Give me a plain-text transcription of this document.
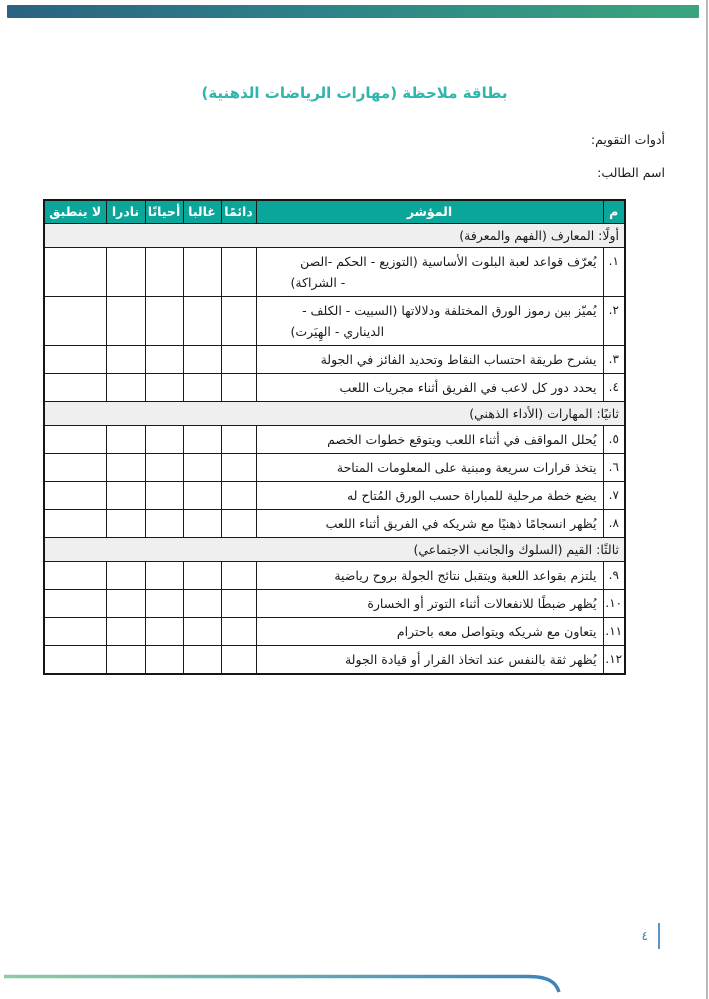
بطاقة ملاحظة (مهارات الرياضات الذهنية)
أدوات التقويم:
اسم الطالب:
م	المؤشر	دائمًا	غالبا	أحيانًا	نادرا	لا ينطبق
أولًا: المعارف (الفهم والمعرفة)						
١.	يُعرّف قواعد لعبة البلوت الأساسية (التوزيع - الحكم -الصن
- الشراكة)					

٢.	يُميّز بين رموز الورق المختلفة ودلالاتها (السبيت - الكلف -
الديناري - الهِيَرت)					

٣.	يشرح طريقة احتساب النقاط وتحديد الفائز في الجولة					
٤.	يحدد دور كل لاعب في الفريق أثناء مجريات اللعب					
ثانيًا: المهارات (الأداء الذهني)						
٥.	يُحلل المواقف في أثناء اللعب ويتوقع خطوات الخصم					
٦.	يتخذ قرارات سريعة ومبنية على المعلومات المتاحة					
٧.	يضع خطة مرحلية للمباراة حسب الورق المُتاح له					
٨.	يُظهر انسجامًا ذهنيًا مع شريكه في الفريق أثناء اللعب					
ثالثًا: القيم (السلوك والجانب الاجتماعي)						
٩.	يلتزم بقواعد اللعبة ويتقبل نتائج الجولة بروح رياضية					
١٠.	يُظهر ضبطًا للانفعالات أثناء التوتر أو الخسارة					
١١.	يتعاون مع شريكه ويتواصل معه باحترام					
١٢.	يُظهر ثقة بالنفس عند اتخاذ القرار أو قيادة الجولة					
٤
